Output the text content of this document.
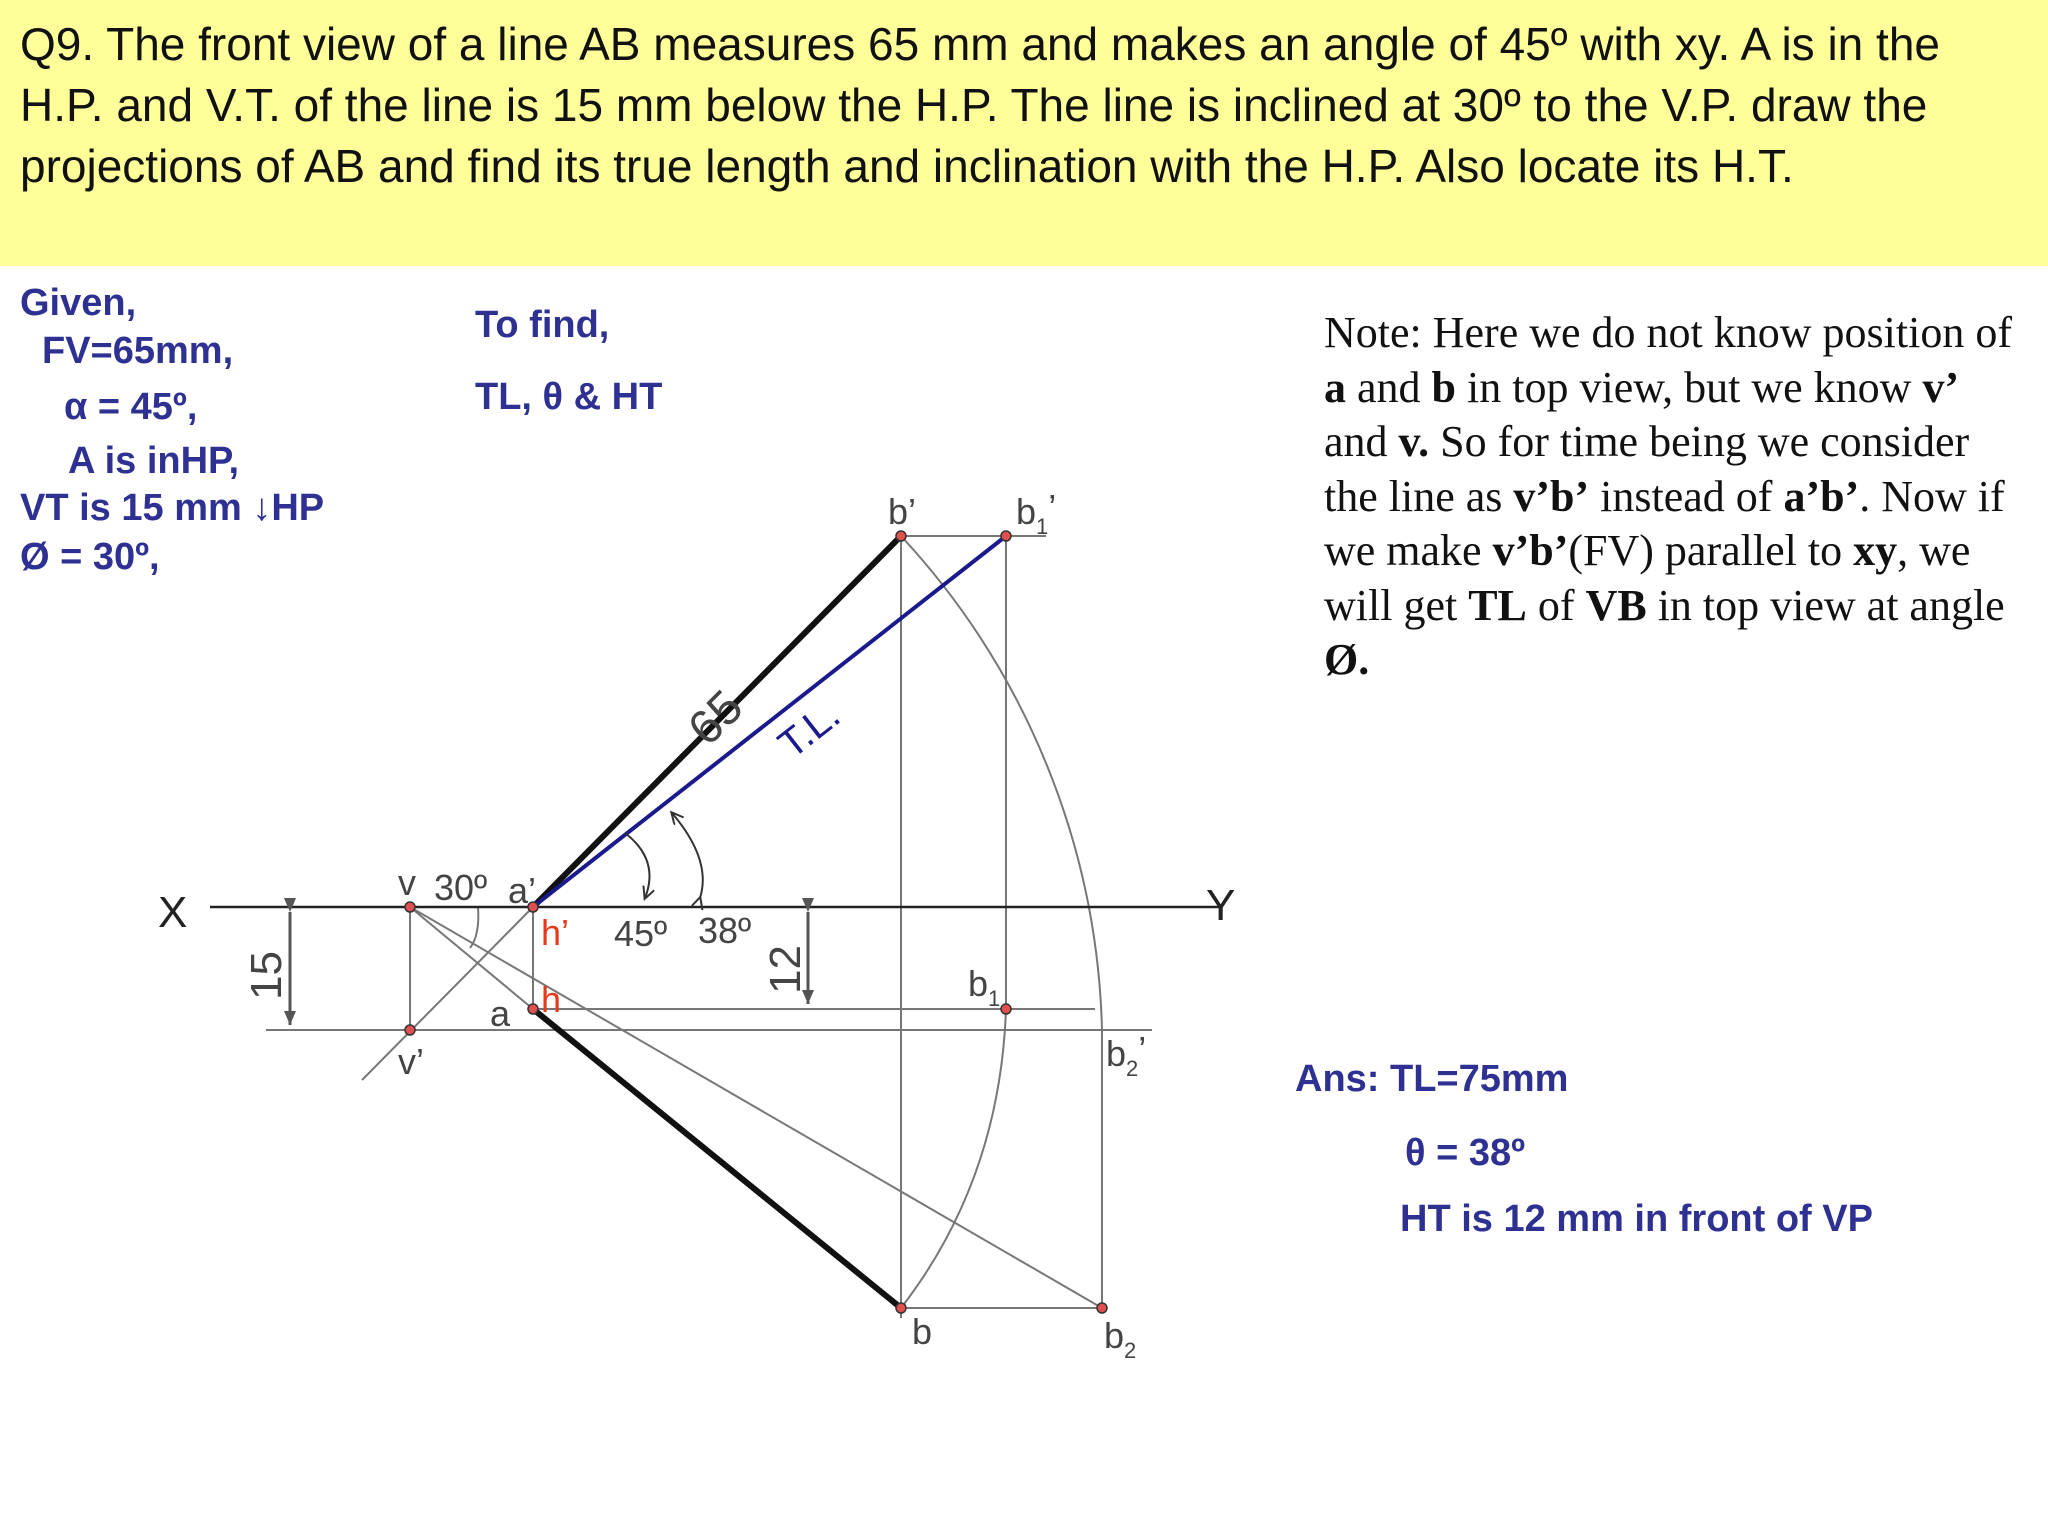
Q9. The front view of a line AB measures 65 mm and makes an angle of 45º with xy. A is in the H.P. and V.T. of the line is 15 mm below the H.P. The line is inclined at 30º to the V.P. draw the projections of AB and find its true length and inclination with the H.P. Also locate its H.T.

Given,
FV=65mm,
α = 45º,
A is inHP,
VT is 15 mm ↓HP
Ø = 30º,
To find,
TL, θ & HT

Note: Here we do not know position of a and b in top view, but we know v’ and v. So for time being we consider the line as v’b’ instead of a’b’. Now if we make v’b’(FV) parallel to xy, we will get TL of VB in top view at angle Ø.

Ans: TL=75mm
θ = 38º
HT is 12 mm in front of VP
X	Y
v
v’
a’
a
b’
b
30º
45º 38º
$b_1$’
$b_1$
$b_2$’
$b_2$
h’
h
65 T.L.
15	12
